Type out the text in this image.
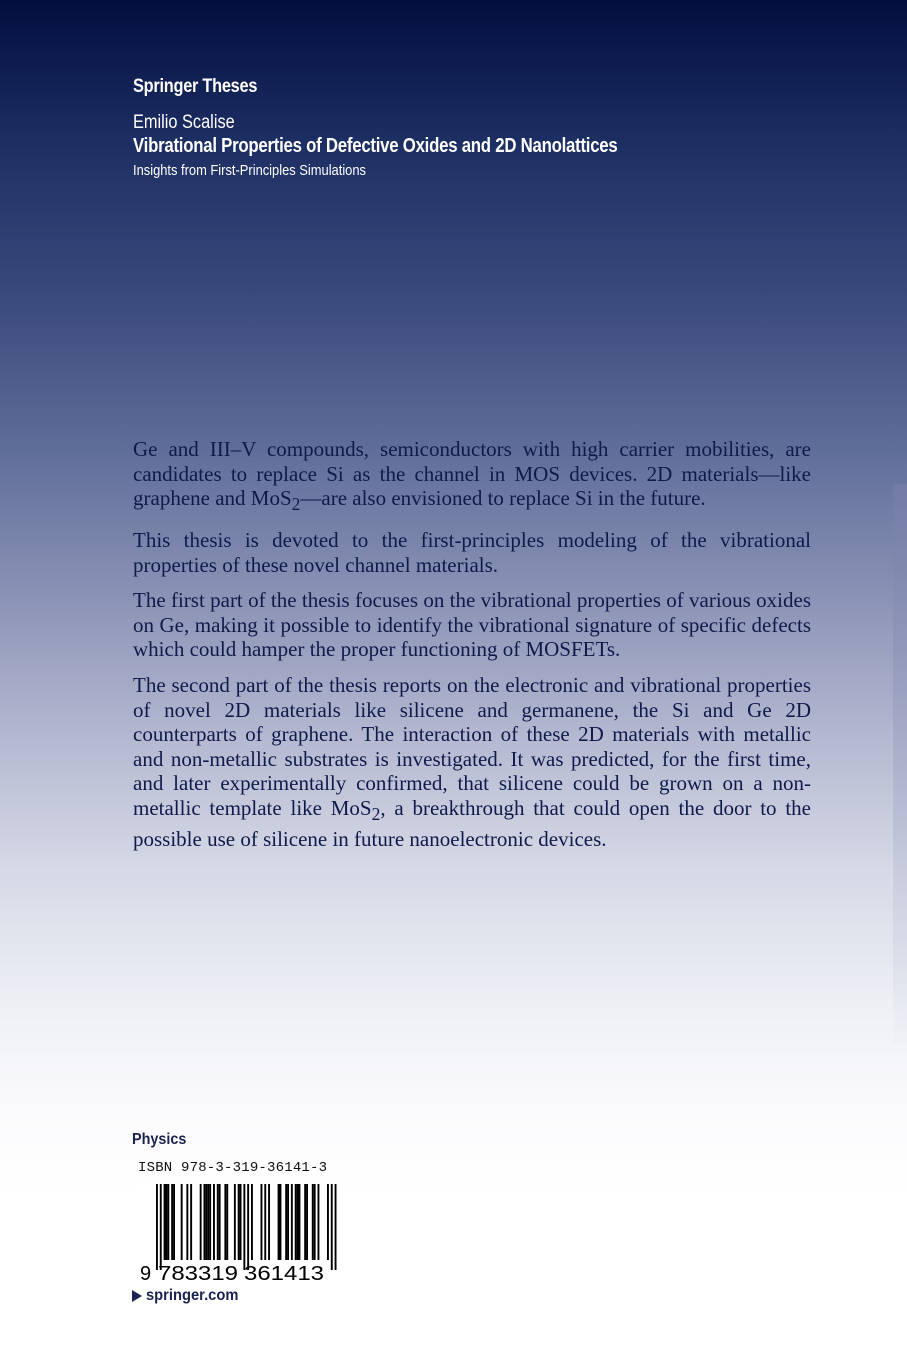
Springer Theses
Emilio Scalise
Vibrational Properties of Defective Oxides and 2D Nanolattices
Insights from First-Principles Simulations

Ge and III–V compounds, semiconductors with high carrier mobilities, are candidates to replace Si as the channel in MOS devices. 2D materials—like graphene and MoS$_2$—are also envisioned to replace Si in the future.

This thesis is devoted to the first-principles modeling of the vibrational properties of these novel channel materials.

The first part of the thesis focuses on the vibrational properties of various oxides on Ge, making it possible to identify the vibrational signature of specific defects which could hamper the proper functioning of MOSFETs.

The second part of the thesis reports on the electronic and vibrational properties of novel 2D materials like silicene and germanene, the Si and Ge 2D counterparts of graphene. The interaction of these 2D materials with metallic and non-metallic substrates is investigated. It was predicted, for the first time, and later experimentally confirmed, that silicene could be grown on a non-metallic template like MoS$_2$, a breakthrough that could open the door to the possible use of silicene in future nanoelectronic devices.

Physics
ISBN 978-3-319-36141-3
9 783319 361413
springer.com
